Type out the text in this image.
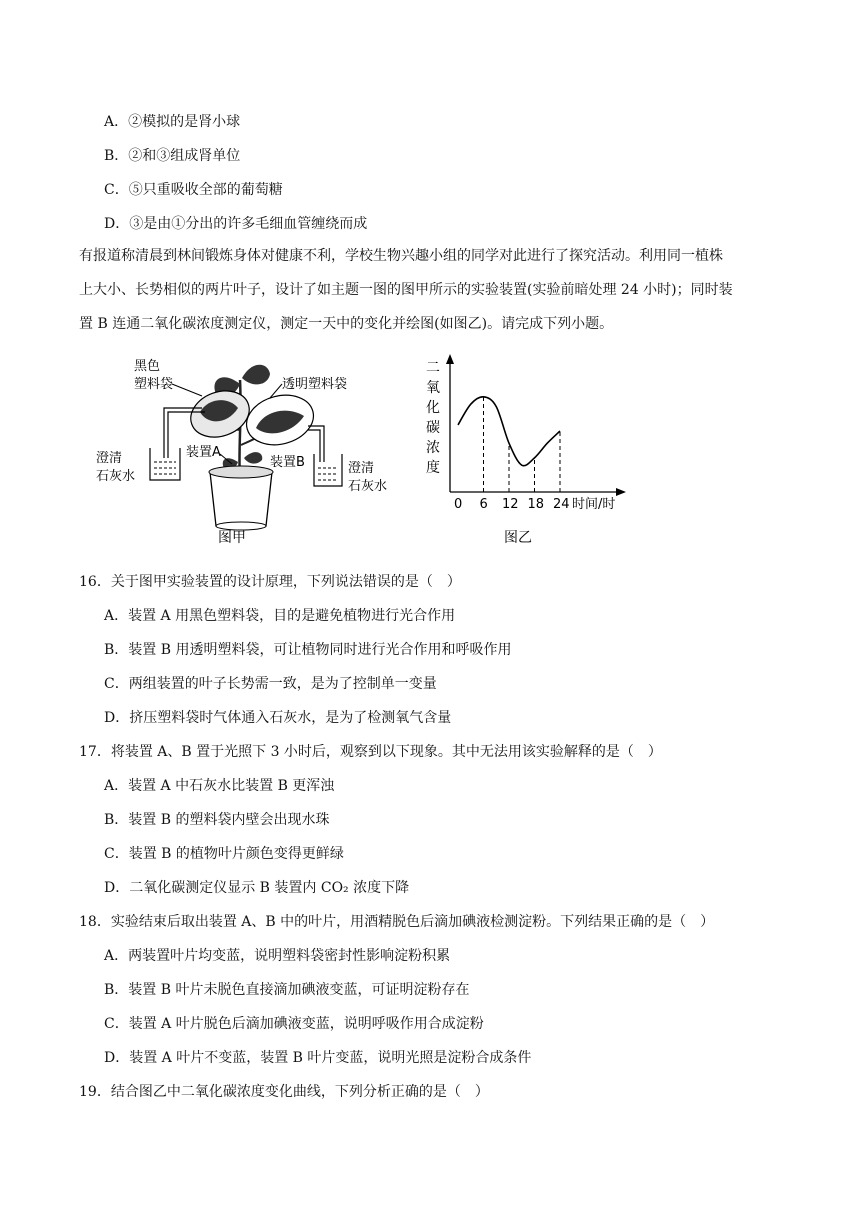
A．②模拟的是肾小球
B．②和③组成肾单位
C．⑤只重吸收全部的葡萄糖
D．③是由①分出的许多毛细血管缠绕而成
有报道称清晨到林间锻炼身体对健康不利，学校生物兴趣小组的同学对此进行了探究活动。利用同一植株
上大小、长势相似的两片叶子，设计了如主题一图的图甲所示的实验装置(实验前暗处理 24 小时)；同时装
置 B 连通二氧化碳浓度测定仪，测定一天中的变化并绘图(如图乙)。请完成下列小题。
黑色
塑料袋	透明塑料袋
装置A
装置B
澄清
石灰水
澄清
石灰水
图甲
二
氧
化
碳
浓
度
0 6 12 18 24 时间/时
图乙
16．关于图甲实验装置的设计原理，下列说法错误的是（　）
A．装置 A 用黑色塑料袋，目的是避免植物进行光合作用
B．装置 B 用透明塑料袋，可让植物同时进行光合作用和呼吸作用
C．两组装置的叶子长势需一致，是为了控制单一变量
D．挤压塑料袋时气体通入石灰水，是为了检测氧气含量
17．将装置 A、B 置于光照下 3 小时后，观察到以下现象。其中无法用该实验解释的是（　）
A．装置 A 中石灰水比装置 B 更浑浊
B．装置 B 的塑料袋内壁会出现水珠
C．装置 B 的植物叶片颜色变得更鲜绿
D．二氧化碳测定仪显示 B 装置内 CO₂ 浓度下降
18．实验结束后取出装置 A、B 中的叶片，用酒精脱色后滴加碘液检测淀粉。下列结果正确的是（　）
A．两装置叶片均变蓝，说明塑料袋密封性影响淀粉积累
B．装置 B 叶片未脱色直接滴加碘液变蓝，可证明淀粉存在
C．装置 A 叶片脱色后滴加碘液变蓝，说明呼吸作用合成淀粉
D．装置 A 叶片不变蓝，装置 B 叶片变蓝，说明光照是淀粉合成条件
19．结合图乙中二氧化碳浓度变化曲线，下列分析正确的是（　）
